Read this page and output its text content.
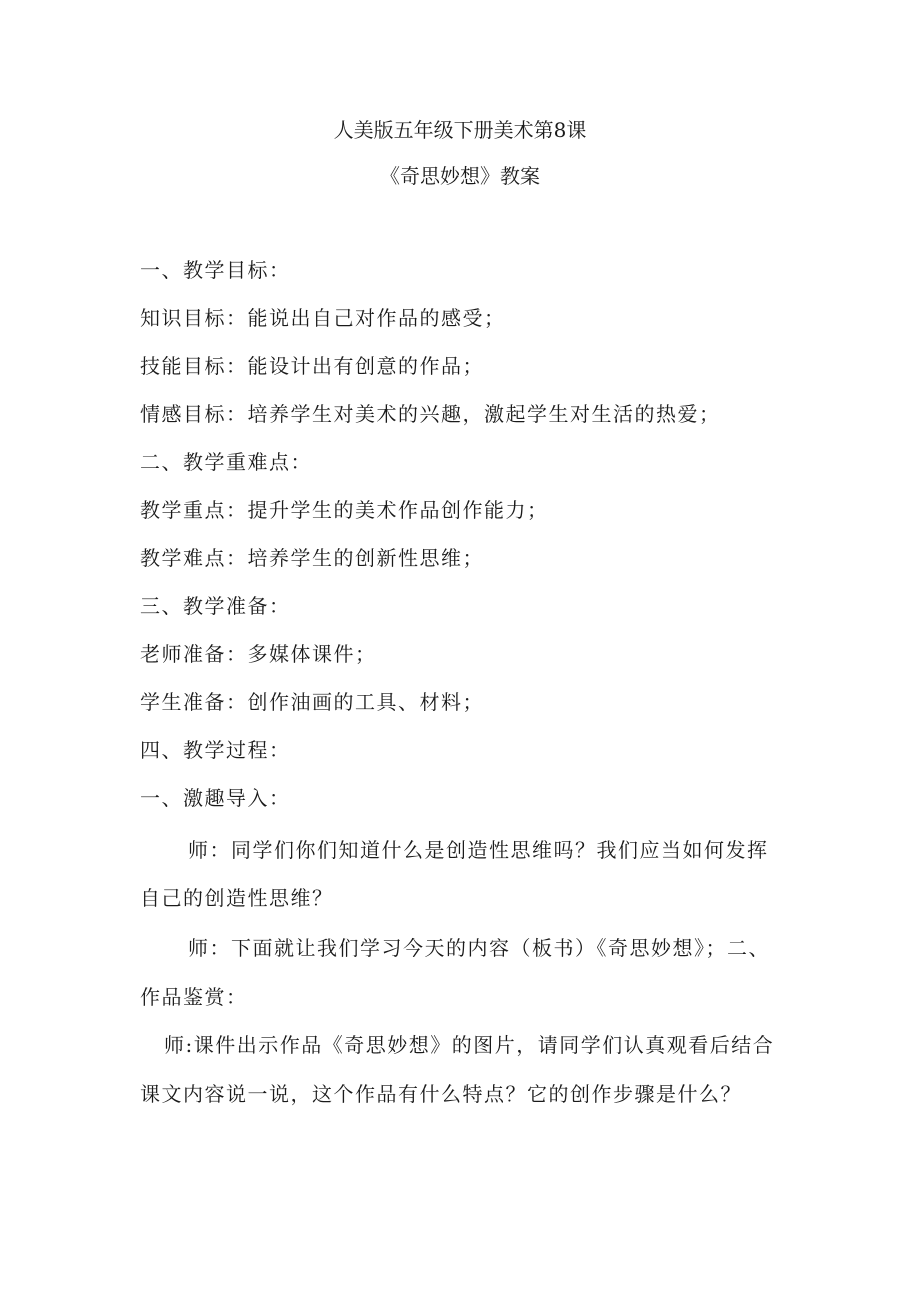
人美版五年级下册美术第8课
《奇思妙想》教案
一、教学目标：
知识目标：能说出自己对作品的感受；
技能目标：能设计出有创意的作品；
情感目标：培养学生对美术的兴趣，激起学生对生活的热爱；
二、教学重难点：
教学重点：提升学生的美术作品创作能力；
教学难点：培养学生的创新性思维；
三、教学准备：
老师准备：多媒体课件；
学生准备：创作油画的工具、材料；
四、教学过程：
一、激趣导入：
师：同学们你们知道什么是创造性思维吗？我们应当如何发挥
自己的创造性思维？
师：下面就让我们学习今天的内容（板书）《奇思妙想》；二、
作品鉴赏：
师:课件出示作品《奇思妙想》的图片，请同学们认真观看后结合
课文内容说一说，这个作品有什么特点？它的创作步骤是什么？
